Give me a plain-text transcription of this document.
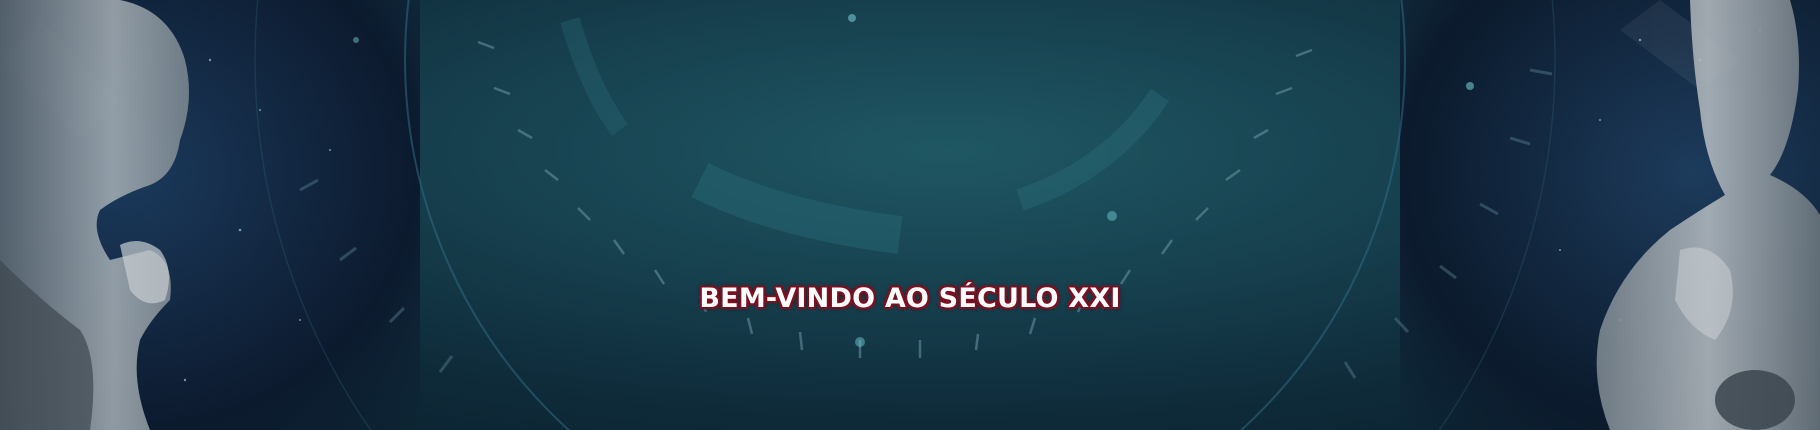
BEM-VINDO AO SÉCULO XXI
